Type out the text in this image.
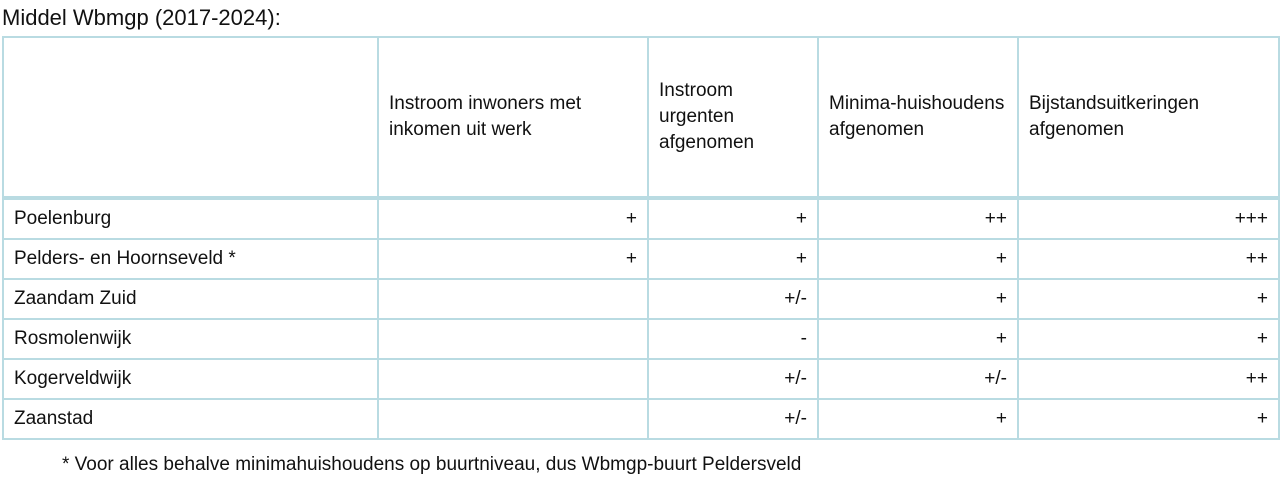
Middel Wbmgp (2017-2024):
	Instroom inwoners met inkomen uit werk	Instroom urgenten afgenomen	Minima-huishoudens afgenomen	Bijstandsuitkeringen afgenomen
Poelenburg	+	+	++	+++
Pelders- en Hoornseveld *	+	+	+	++
Zaandam Zuid		+/-	+	+
Rosmolenwijk		-	+	+
Kogerveldwijk		+/-	+/-	++
Zaanstad		+/-	+	+
* Voor alles behalve minimahuishoudens op buurtniveau, dus Wbmgp-buurt Peldersveld
